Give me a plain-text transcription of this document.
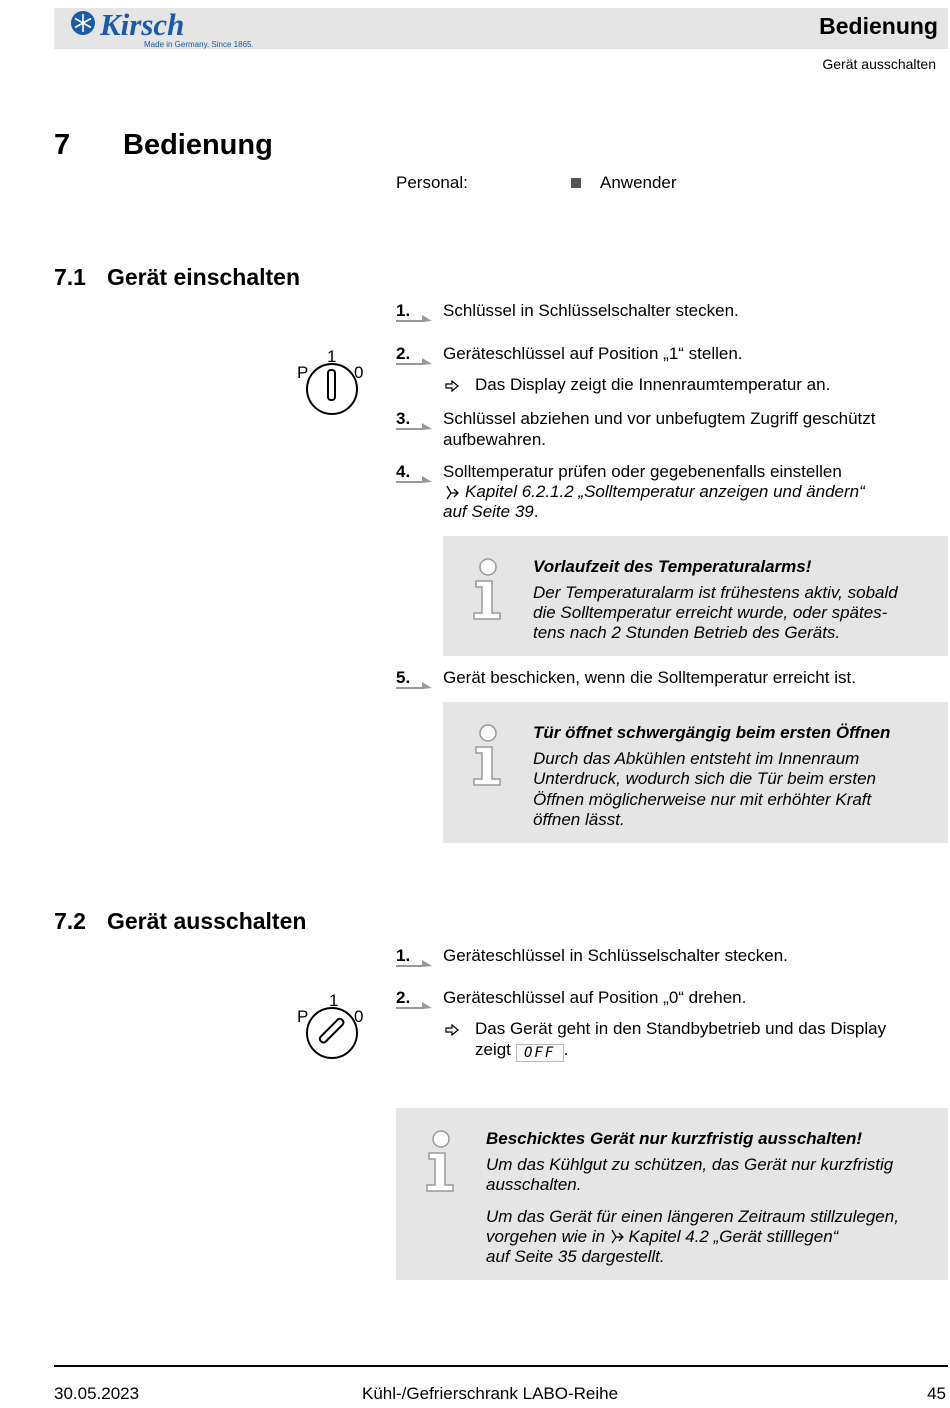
Kirsch
Made in Germany. Since 1865.
Bedienung
Gerät ausschalten
7 Bedienung
Personal:	Anwender
7.1 Gerät einschalten
P
1
0
1. Schlüssel in Schlüsselschalter stecken.
2. Geräteschlüssel auf Position „1“ stellen.
Das Display zeigt die Innenraumtemperatur an.
3. Schlüssel abziehen und vor unbefugtem Zugriff geschützt
aufbewahren.
4. Solltemperatur prüfen oder gegebenenfalls einstellen
Kapitel 6.2.1.2 „Solltemperatur anzeigen und ändern“
auf Seite 39.
Vorlaufzeit des Temperaturalarms!
Der Temperaturalarm ist frühestens aktiv, sobald
die Solltemperatur erreicht wurde, oder spätes-
tens nach 2 Stunden Betrieb des Geräts.
5. Gerät beschicken, wenn die Solltemperatur erreicht ist.
Tür öffnet schwergängig beim ersten Öffnen
Durch das Abkühlen entsteht im Innenraum
Unterdruck, wodurch sich die Tür beim ersten
Öffnen möglicherweise nur mit erhöhter Kraft
öffnen lässt.
7.2 Gerät ausschalten
P
1
0
1. Geräteschlüssel in Schlüsselschalter stecken.
2. Geräteschlüssel auf Position „0“ drehen.
Das Gerät geht in den Standbybetrieb und das Display
zeigt OFF .
Beschicktes Gerät nur kurzfristig ausschalten!
Um das Kühlgut zu schützen, das Gerät nur kurzfristig
ausschalten.
Um das Gerät für einen längeren Zeitraum stillzulegen,
vorgehen wie in Kapitel 4.2 „Gerät stilllegen“
auf Seite 35 dargestellt.
30.05.2023	Kühl-/Gefrierschrank LABO-Reihe	45
